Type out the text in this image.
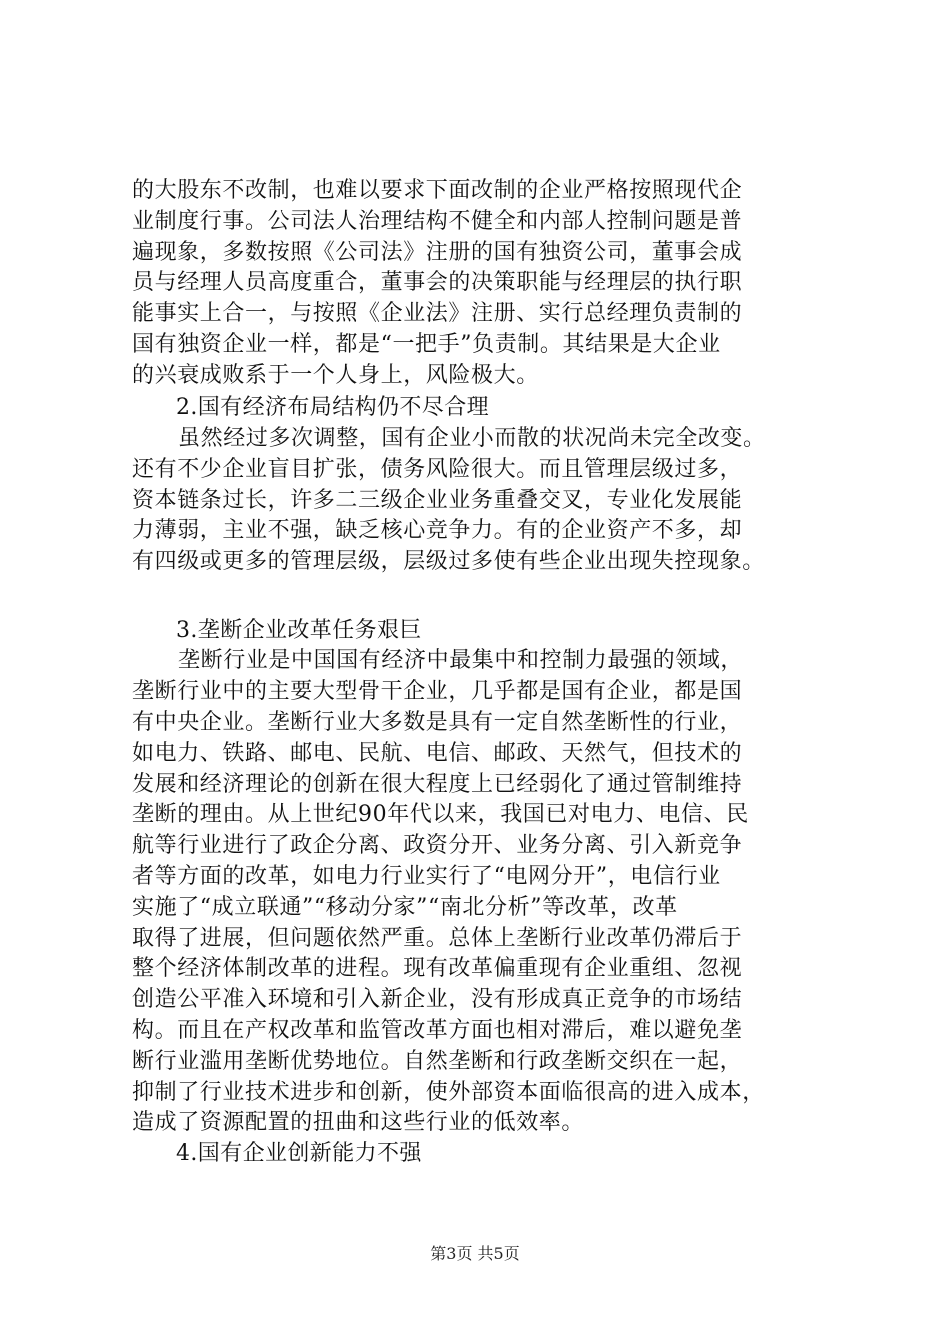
的大股东不改制，也难以要求下面改制的企业严格按照现代企
业制度行事。公司法人治理结构不健全和内部人控制问题是普
遍现象，多数按照《公司法》注册的国有独资公司，董事会成
员与经理人员高度重合，董事会的决策职能与经理层的执行职
能事实上合一，与按照《企业法》注册、实行总经理负责制的
国有独资企业一样，都是“一把手”负责制。其结果是大企业
的兴衰成败系于一个人身上，风险极大。
2.国有经济布局结构仍不尽合理
虽然经过多次调整，国有企业小而散的状况尚未完全改变。
还有不少企业盲目扩张，债务风险很大。而且管理层级过多，
资本链条过长，许多二三级企业业务重叠交叉，专业化发展能
力薄弱，主业不强，缺乏核心竞争力。有的企业资产不多，却
有四级或更多的管理层级，层级过多使有些企业出现失控现象。
3.垄断企业改革任务艰巨
垄断行业是中国国有经济中最集中和控制力最强的领域，
垄断行业中的主要大型骨干企业，几乎都是国有企业，都是国
有中央企业。垄断行业大多数是具有一定自然垄断性的行业，
如电力、铁路、邮电、民航、电信、邮政、天然气，但技术的
发展和经济理论的创新在很大程度上已经弱化了通过管制维持
垄断的理由。从上世纪90年代以来，我国已对电力、电信、民
航等行业进行了政企分离、政资分开、业务分离、引入新竞争
者等方面的改革，如电力行业实行了“电网分开”，电信行业
实施了“成立联通”“移动分家”“南北分析”等改革，改革
取得了进展，但问题依然严重。总体上垄断行业改革仍滞后于
整个经济体制改革的进程。现有改革偏重现有企业重组、忽视
创造公平准入环境和引入新企业，没有形成真正竞争的市场结
构。而且在产权改革和监管改革方面也相对滞后，难以避免垄
断行业滥用垄断优势地位。自然垄断和行政垄断交织在一起，
抑制了行业技术进步和创新，使外部资本面临很高的进入成本，
造成了资源配置的扭曲和这些行业的低效率。
4.国有企业创新能力不强
第3页 共5页
